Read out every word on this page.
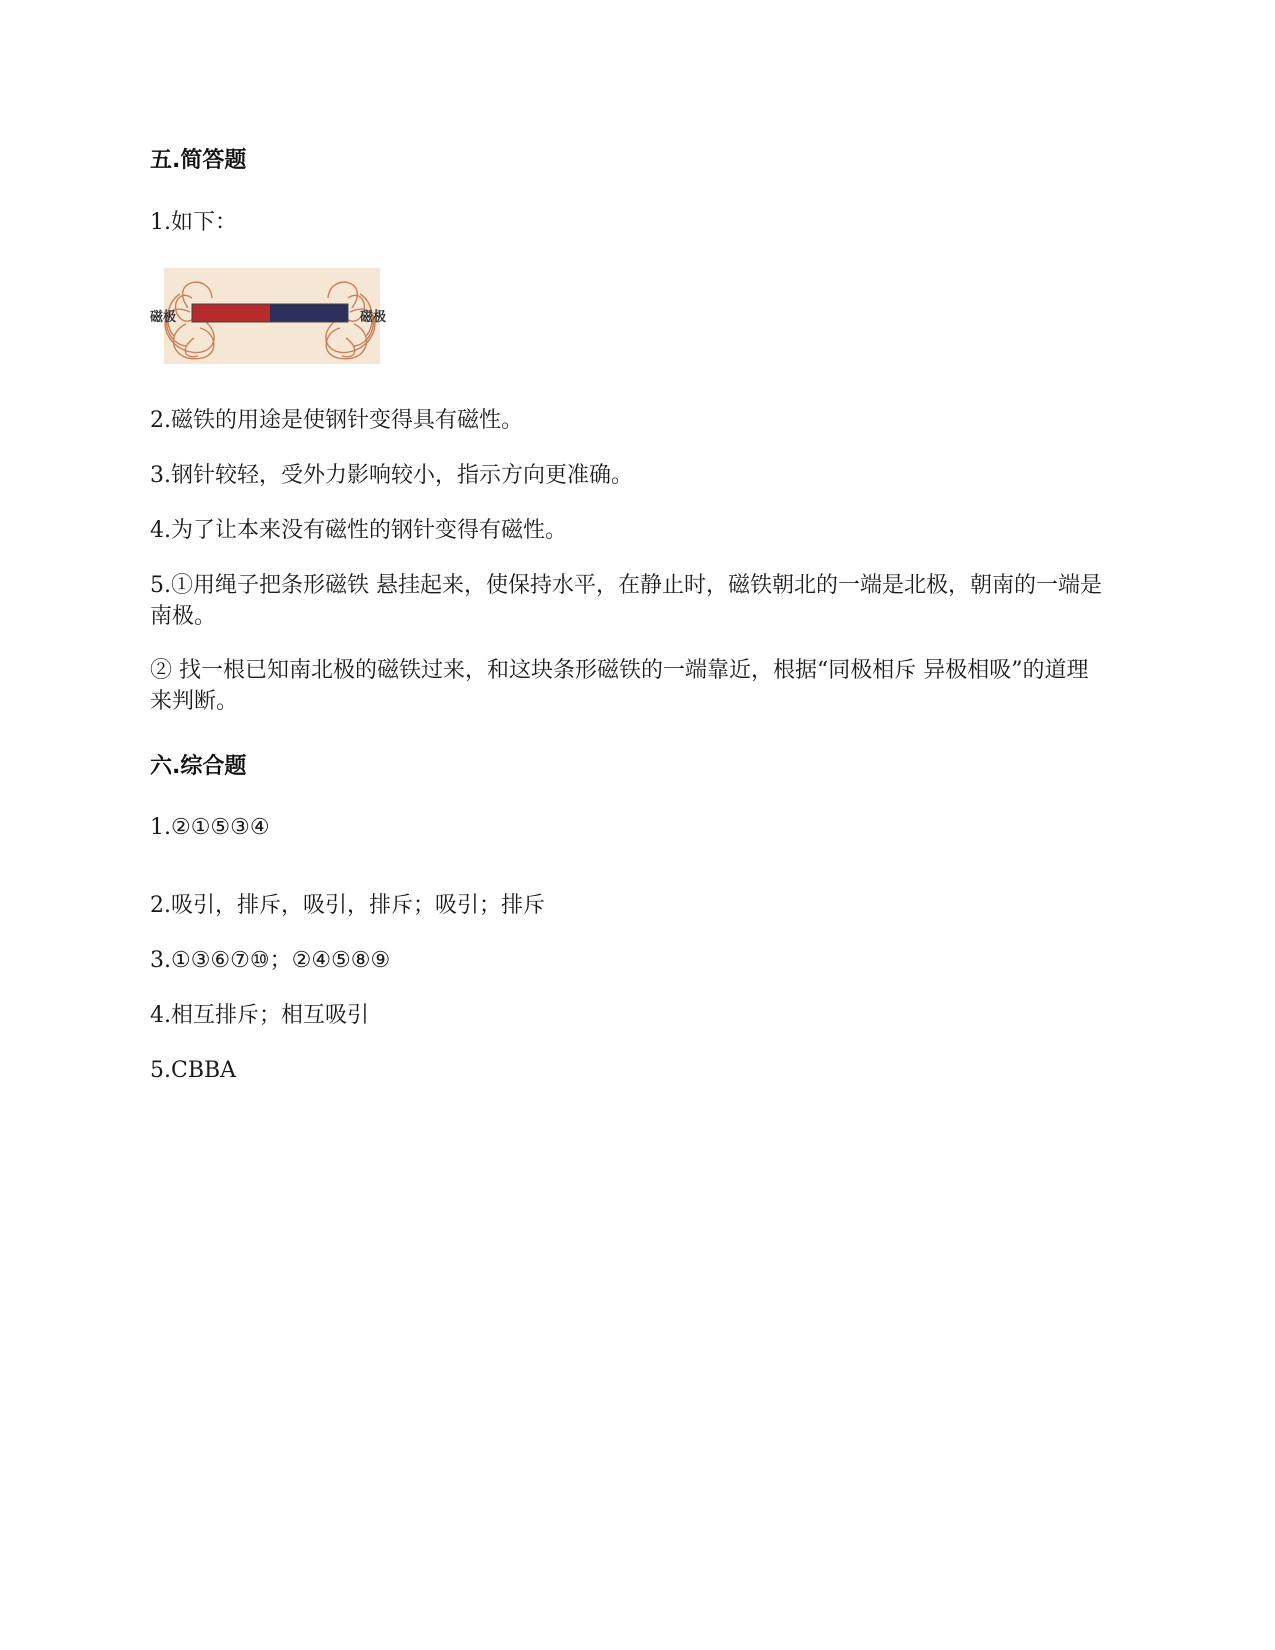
五.简答题
1.如下：
磁极	磁极
2.磁铁的用途是使钢针变得具有磁性。
3.钢针较轻，受外力影响较小，指示方向更准确。
4.为了让本来没有磁性的钢针变得有磁性。
5.①用绳子把条形磁铁 悬挂起来，使保持水平，在静止时，磁铁朝北的一端是北极，朝南的一端是南极。
② 找一根已知南北极的磁铁过来，和这块条形磁铁的一端靠近，根据“同极相斥 异极相吸”的道理来判断。
六.综合题
1.②①⑤③④
2.吸引，排斥，吸引，排斥；吸引；排斥
3.①③⑥⑦⑩；②④⑤⑧⑨
4.相互排斥；相互吸引
5.CBBA
